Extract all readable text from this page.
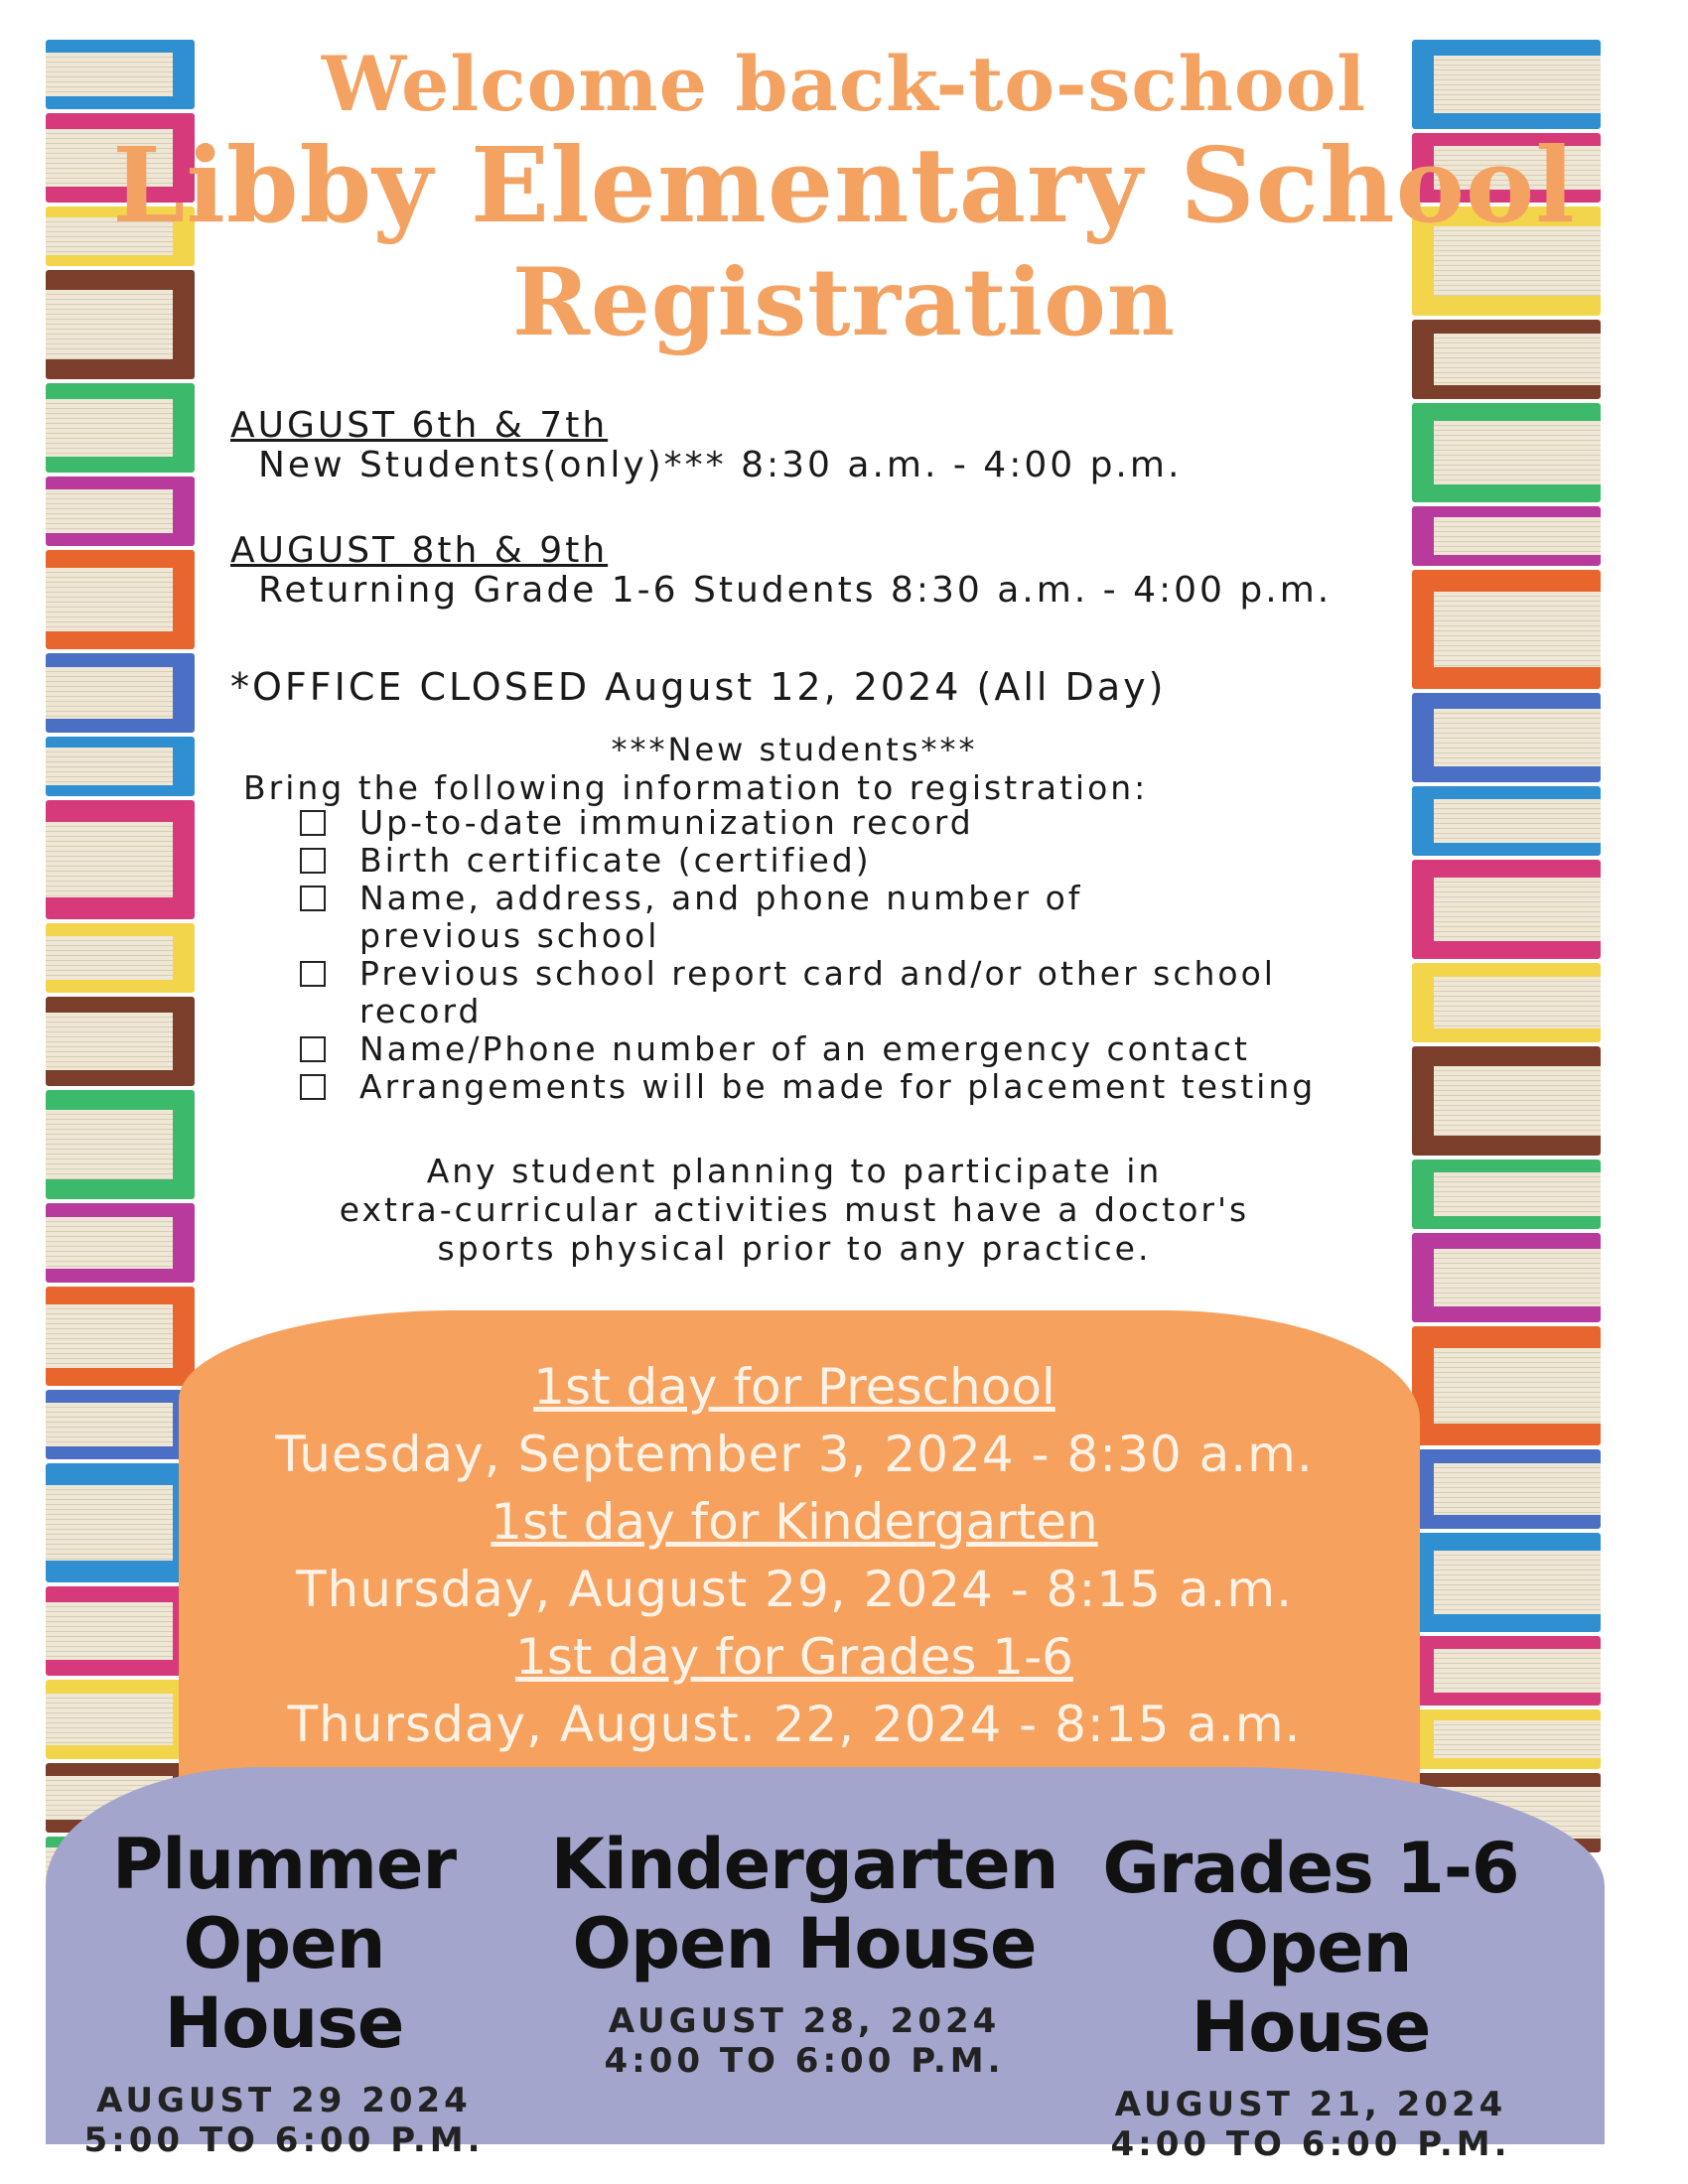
Welcome back-to-school
Libby Elementary School
Registration
AUGUST 6th & 7th
New Students(only)*** 8:30 a.m. - 4:00 p.m.
AUGUST 8th & 9th
Returning Grade 1-6 Students 8:30 a.m. - 4:00 p.m.
*OFFICE CLOSED August 12, 2024 (All Day)
***New students***
Bring the following information to registration:
Up-to-date immunization record
Birth certificate (certified)
Name, address, and phone number of previous school
Previous school report card and/or other school record
Name/Phone number of an emergency contact
Arrangements will be made for placement testing
Any student planning to participate in
extra-curricular activities must have a doctor's
sports physical prior to any practice.
1st day for Preschool
Tuesday, September 3, 2024 - 8:30 a.m.
1st day for Kindergarten
Thursday, August 29, 2024 - 8:15 a.m.
1st day for Grades 1-6
Thursday, August. 22, 2024 - 8:15 a.m.
Plummer
Open House
AUGUST 29 2024
5:00 TO 6:00 P.M.
Kindergarten
Open House
AUGUST 28, 2024
4:00 TO 6:00 P.M.
Grades 1-6
Open House
AUGUST 21, 2024
4:00 TO 6:00 P.M.
